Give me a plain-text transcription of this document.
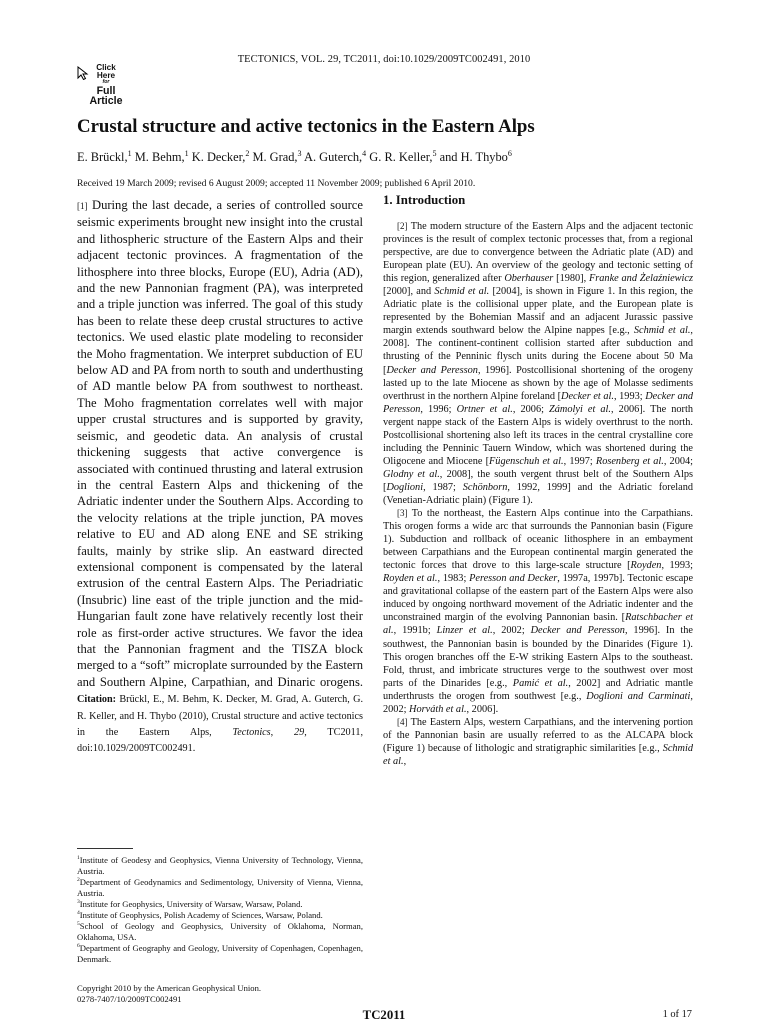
TECTONICS, VOL. 29, TC2011, doi:10.1029/2009TC002491, 2010
Click
Here
for
Full
Article
Crustal structure and active tectonics in the Eastern Alps
E. Brückl,$^1$ M. Behm,$^1$ K. Decker,$^2$ M. Grad,$^3$ A. Guterch,$^4$ G. R. Keller,$^5$ and H. Thybo$^6$
Received 19 March 2009; revised 6 August 2009; accepted 11 November 2009; published 6 April 2010.

[1] During the last decade, a series of controlled source seismic experiments brought new insight into the crustal and lithospheric structure of the Eastern Alps and their adjacent tectonic provinces. A fragmentation of the lithosphere into three blocks, Europe (EU), Adria (AD), and the new Pannonian fragment (PA), was interpreted and a triple junction was inferred. The goal of this study has been to relate these deep crustal structures to active tectonics. We used elastic plate modeling to reconsider the Moho fragmentation. We interpret subduction of EU below AD and PA from north to south and underthusting of AD mantle below PA from southwest to northeast. The Moho fragmentation correlates well with major upper crustal structures and is supported by gravity, seismic, and geodetic data. An analysis of crustal thickening suggests that active convergence is associated with continued thrusting and lateral extrusion in the central Eastern Alps and thickening of the Adriatic indenter under the Southern Alps. According to the velocity relations at the triple junction, PA moves relative to EU and AD along ENE and SE striking faults, mainly by strike slip. An eastward directed extensional component is compensated by the lateral extrusion of the central Eastern Alps. The Periadriatic (Insubric) line east of the triple junction and the mid-Hungarian fault zone have relatively recently lost their role as first-order active structures. We favor the idea that the Pannonian fragment and the TISZA block merged to a “soft” microplate surrounded by the Eastern and Southern Alpine, Carpathian, and Dinaric orogens. Citation: Brückl, E., M. Behm, K. Decker, M. Grad, A. Guterch, G. R. Keller, and H. Thybo (2010), Crustal structure and active tectonics in the Eastern Alps, Tectonics, 29, TC2011, doi:10.1029/2009TC002491.

$^1$Institute of Geodesy and Geophysics, Vienna University of Technology, Vienna, Austria.

$^2$Department of Geodynamics and Sedimentology, University of Vienna, Vienna, Austria.

$^3$Institute for Geophysics, University of Warsaw, Warsaw, Poland.

$^4$Institute of Geophysics, Polish Academy of Sciences, Warsaw, Poland.

$^5$School of Geology and Geophysics, University of Oklahoma, Norman, Oklahoma, USA.

$^6$Department of Geography and Geology, University of Copenhagen, Copenhagen, Denmark.

Copyright 2010 by the American Geophysical Union.

0278-7407/10/2009TC002491

1. Introduction

[2] The modern structure of the Eastern Alps and the adjacent tectonic provinces is the result of complex tectonic processes that, from a regional perspective, are due to convergence between the Adriatic plate (AD) and European plate (EU). An overview of the geology and tectonic setting of this region, generalized after Oberhauser [1980], Franke and Żelaźniewicz [2000], and Schmid et al. [2004], is shown in Figure 1. In this region, the Adriatic plate is the collisional upper plate, and the European plate is represented by the Bohemian Massif and an adjacent Jurassic passive margin extends southward below the Alpine nappes [e.g., Schmid et al., 2008]. The continent-continent collision started after subduction and thrusting of the Penninic flysch units during the Eocene about 50 Ma [Decker and Peresson, 1996]. Postcollisional shortening of the orogeny lasted up to the late Miocene as shown by the age of Molasse sediments overthrust in the northern Alpine foreland [Decker et al., 1993; Decker and Peresson, 1996; Ortner et al., 2006; Zámolyi et al., 2006]. The north vergent nappe stack of the Eastern Alps is widely overthrust to the north. Postcollisional shortening also left its traces in the central crystalline core including the Penninic Tauern Window, which was shortened during the Oligocene and Miocene [Fügenschuh et al., 1997; Rosenberg et al., 2004; Glodny et al., 2008], the south vergent thrust belt of the Southern Alps [Doglioni, 1987; Schönborn, 1992, 1999] and the Adriatic foreland (Venetian-Adriatic plain) (Figure 1).

[3] To the northeast, the Eastern Alps continue into the Carpathians. This orogen forms a wide arc that surrounds the Pannonian basin (Figure 1). Subduction and rollback of oceanic lithosphere in an embayment between Carpathians and the European continental margin generated the tectonic forces that drove to this large-scale structure [Royden, 1993; Royden et al., 1983; Peresson and Decker, 1997a, 1997b]. Tectonic escape and gravitational collapse of the eastern part of the Eastern Alps were also induced by ongoing northward movement of the Adriatic indenter and the unconstrained margin of the evolving Pannonian basin. [Ratschbacher et al., 1991b; Linzer et al., 2002; Decker and Peresson, 1996]. In the southwest, the Pannonian basin is bounded by the Dinarides (Figure 1). This orogen branches off the E-W striking Eastern Alps to the southeast. Fold, thrust, and imbricate structures verge to the southwest over most parts of the Dinarides [e.g., Pamić et al., 2002] and Adriatic mantle underthrusts the orogen from southwest [e.g., Doglioni and Carminati, 2002; Horváth et al., 2006].

[4] The Eastern Alps, western Carpathians, and the intervening portion of the Pannonian basin are usually referred to as the ALCAPA block (Figure 1) because of lithologic and stratigraphic similarities [e.g., Schmid et al.,

TC2011	1 of 17
